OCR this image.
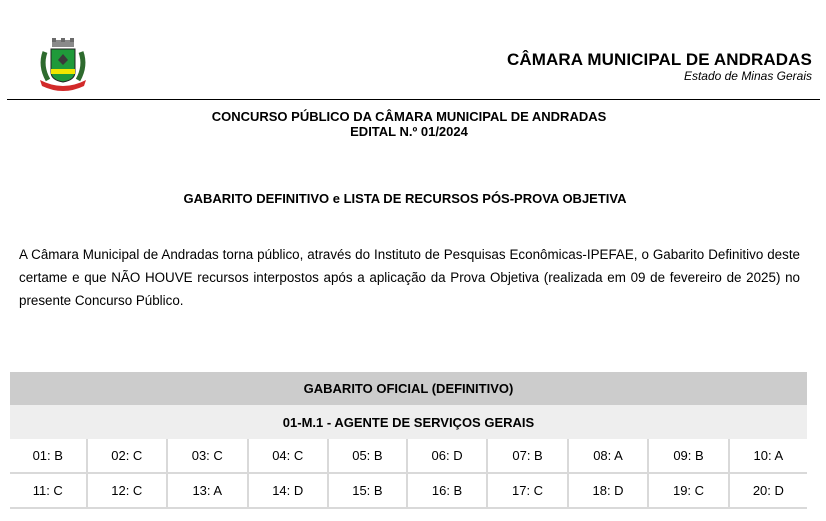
CÂMARA MUNICIPAL DE ANDRADAS
Estado de Minas Gerais
CONCURSO PÚBLICO DA CÂMARA MUNICIPAL DE ANDRADAS
EDITAL N.º 01/2024
GABARITO DEFINITIVO e LISTA DE RECURSOS PÓS-PROVA OBJETIVA
A Câmara Municipal de Andradas torna público, através do Instituto de Pesquisas Econômicas-IPEFAE, o Gabarito Definitivo deste certame e que NÃO HOUVE recursos interpostos após a aplicação da Prova Objetiva (realizada em 09 de fevereiro de 2025) no presente Concurso Público.
GABARITO OFICIAL (DEFINITIVO)									
01-M.1 - AGENTE DE SERVIÇOS GERAIS									
01: B	02: C	03: C	04: C	05: B	06: D	07: B	08: A	09: B	10: A
11: C	12: C	13: A	14: D	15: B	16: B	17: C	18: D	19: C	20: D
